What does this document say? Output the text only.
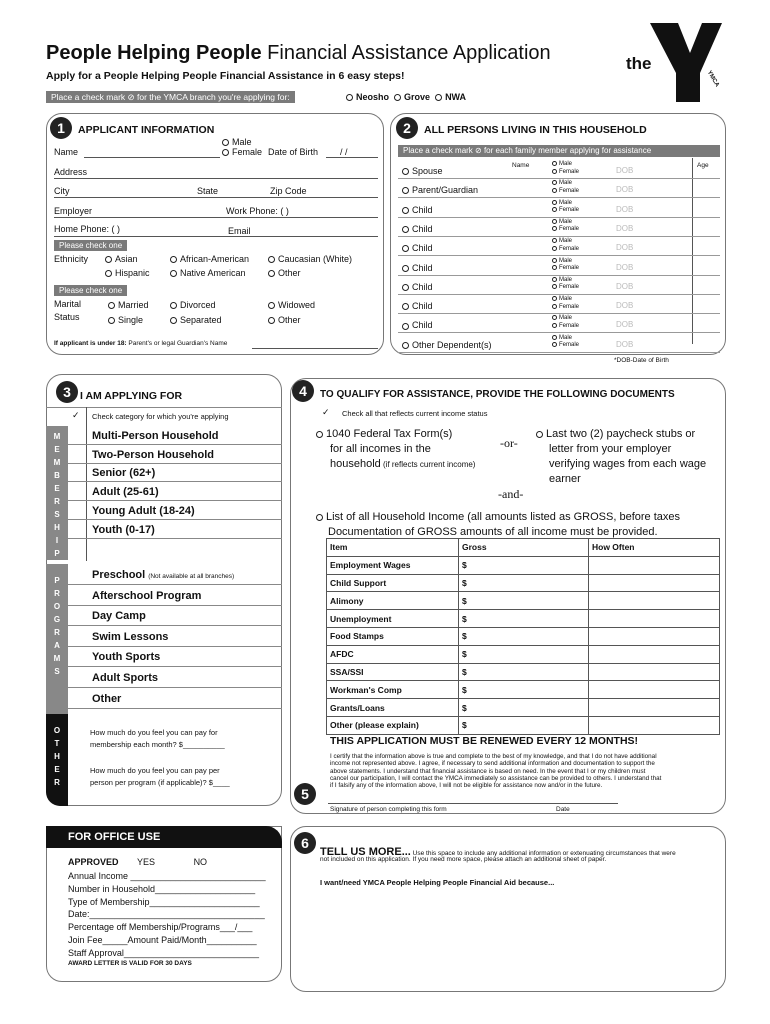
People Helping People Financial Assistance Application
Apply for a People Helping People Financial Assistance in 6 easy steps!
Place a check mark ⊘ for the YMCA branch you're applying for:	Neosho Grove NWA
the
YMCA
1	APPLICANT INFORMATION
Male
Female
Name	Date of Birth / /
Address
City	State	Zip Code
Employer	Work Phone: ( )
Home Phone: ( )	Email
Please check one
Ethnicity	Asian	African-American	Caucasian (White)
Hispanic	Native American	Other
Please check one
Marital
Status
Married	Divorced	Widowed
Single	Separated	Other
If applicant is under 18: Parent's or legal Guardian's Name
2	ALL PERSONS LIVING IN THIS HOUSEHOLD
Place a check mark ⊘ for each family member applying for assistance
Name	Age
Spouse
Male
Female	DOB
Parent/Guardian
Male
Female	DOB
Child
Male
Female	DOB
Child
Male
Female	DOB
Child
Male
Female	DOB
Child
Male
Female	DOB
Child
Male
Female	DOB
Child
Male
Female	DOB
Child
Male
Female	DOB
Other Dependent(s)
Male
Female	DOB
*DOB-Date of Birth
3 I AM APPLYING FOR
✓ Check category for which you're applying
M
E
M
B
E
R
S
H
I
P
Multi-Person Household
Two-Person Household
Senior (62+)
Adult (25-61)
Young Adult (18-24)
Youth (0-17)
P
R
O
G
R
A
M
S
Preschool (Not available at all branches)
Afterschool Program
Day Camp
Swim Lessons
Youth Sports
Adult Sports
Other
O
T
H
E
R
How much do you feel you can pay for
membership each month? $__________
How much do you feel you can pay per
person per program (if applicable)? $____
4	TO QUALIFY FOR ASSISTANCE, PROVIDE THE FOLLOWING DOCUMENTS
✓ Check all that reflects current income status
1040 Federal Tax Form(s)
for all incomes in the
household (if reflects current income)
-or-
Last two (2) paycheck stubs or
letter from your employer
verifying wages from each wage
earner
-and-
List of all Household Income (all amounts listed as GROSS, before taxes
Documentation of GROSS amounts of all income must be provided.
Item	Gross	How Often
Employment Wages	$	
Child Support	$	
Alimony	$	
Unemployment	$	
Food Stamps	$	
AFDC	$	
SSA/SSI	$	
Workman's Comp	$	
Grants/Loans	$	
Other (please explain)	$	
THIS APPLICATION MUST BE RENEWED EVERY 12 MONTHS!
5
I certify that the information above is true and complete to the best of my knowledge, and that I do not have additional
income not represented above. I agree, if necessary to send additional information and documentation to support the
above statements. I understand that financial assistance is based on need. In the event that I or my children must
cancel our participation, I will contact the YMCA immediately so assistance can be provided to others. I understand that
if I falsify any of the information above, I will not be eligible for assistance now and/or in the future.
Signature of person completing this form	Date
FOR OFFICE USE
APPROVED YES	NO
Annual Income ___________________________
Number in Household____________________
Type of Membership______________________
Date:___________________________________
Percentage off Membership/Programs___/___
Join Fee_____Amount Paid/Month__________
Staff Approval___________________________
AWARD LETTER IS VALID FOR 30 DAYS
6
TELL US MORE... Use this space to include any additional information or extenuating circumstances that were
not included on this application. If you need more space, please attach an additional sheet of paper.
I want/need YMCA People Helping People Financial Aid because...
